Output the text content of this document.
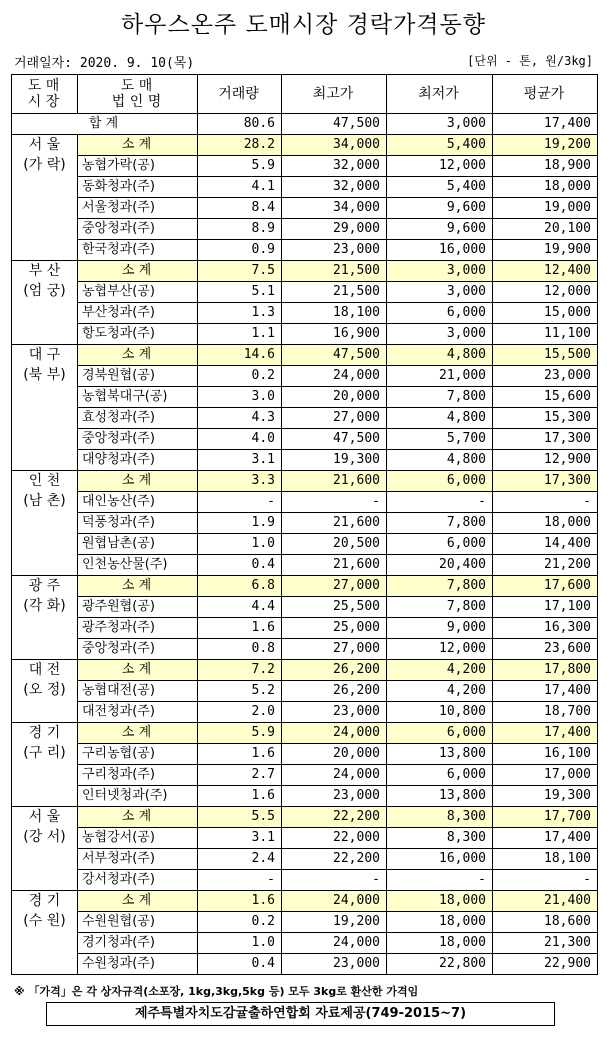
하우스온주 도매시장 경락가격동향
거래일자: 2020. 9. 10(목)	[단위 - 톤, 원/3kg]
도 매
시 장	도 매
법 인 명	거래량	최고가	최저가	평균가
합 계		80.6	47,500	3,000	17,400

서 울
(가 락)	소 계	28.2	34,000	5,400	19,200
	농협가락(공)	5.9	32,000	12,000	18,900
	동화청과(주)	4.1	32,000	5,400	18,000
	서울청과(주)	8.4	34,000	9,600	19,000
	중앙청과(주)	8.9	29,000	9,600	20,100
	한국청과(주)	0.9	23,000	16,000	19,900

부 산
(엄 궁)	소 계	7.5	21,500	3,000	12,400
	농협부산(공)	5.1	21,500	3,000	12,000
	부산청과(주)	1.3	18,100	6,000	15,000
	항도청과(주)	1.1	16,900	3,000	11,100

대 구
(북 부)	소 계	14.6	47,500	4,800	15,500
	경북원협(공)	0.2	24,000	21,000	23,000
	농협북대구(공)	3.0	20,000	7,800	15,600
	효성청과(주)	4.3	27,000	4,800	15,300
	중앙청과(주)	4.0	47,500	5,700	17,300
	대양청과(주)	3.1	19,300	4,800	12,900

인 천
(남 촌)	소 계	3.3	21,600	6,000	17,300
	대인농산(주)	-	-	-	-
	덕풍청과(주)	1.9	21,600	7,800	18,000
	원협남촌(공)	1.0	20,500	6,000	14,400
	인천농산물(주)	0.4	21,600	20,400	21,200

광 주
(각 화)	소 계	6.8	27,000	7,800	17,600
	광주원협(공)	4.4	25,500	7,800	17,100
	광주청과(주)	1.6	25,000	9,000	16,300
	중앙청과(주)	0.8	27,000	12,000	23,600

대 전
(오 정)	소 계	7.2	26,200	4,200	17,800
	농협대전(공)	5.2	26,200	4,200	17,400
	대전청과(주)	2.0	23,000	10,800	18,700

경 기
(구 리)	소 계	5.9	24,000	6,000	17,400
	구리농협(공)	1.6	20,000	13,800	16,100
	구리청과(주)	2.7	24,000	6,000	17,000
	인터넷청과(주)	1.6	23,000	13,800	19,300

서 울
(강 서)	소 계	5.5	22,200	8,300	17,700
	농협강서(공)	3.1	22,000	8,300	17,400
	서부청과(주)	2.4	22,200	16,000	18,100
	강서청과(주)	-	-	-	-

경 기
(수 원)	소 계	1.6	24,000	18,000	21,400
	수원원협(공)	0.2	19,200	18,000	18,600
	경기청과(주)	1.0	24,000	18,000	21,300
	수원청과(주)	0.4	23,000	22,800	22,900
※ 「가격」은 각 상자규격(소포장, 1kg,3kg,5kg 등) 모두 3kg로 환산한 가격임
제주특별자치도감귤출하연합회 자료제공(749-2015~7)
